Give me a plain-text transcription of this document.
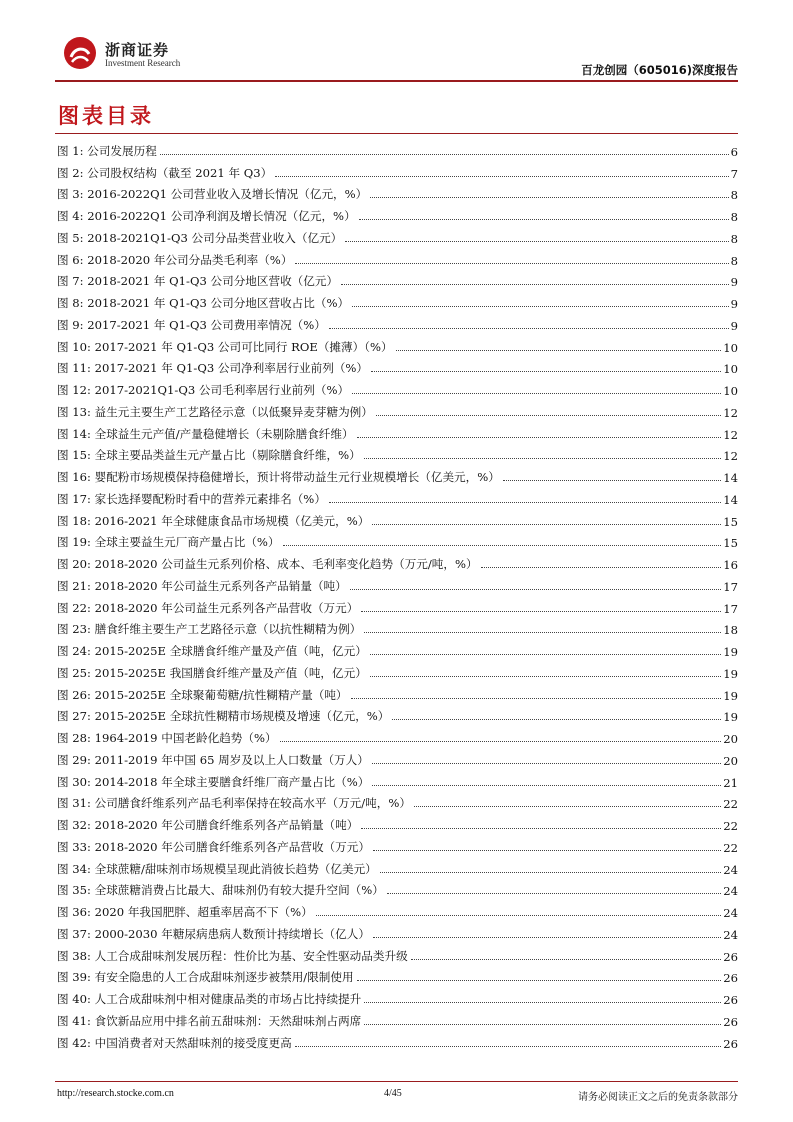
浙商证券
Investment Research	百龙创园（605016)深度报告
图表目录
图 1: 公司发展历程	6
图 2: 公司股权结构（截至 2021 年 Q3）	7
图 3: 2016-2022Q1 公司营业收入及增长情况（亿元，%）	8
图 4: 2016-2022Q1 公司净利润及增长情况（亿元，%）	8
图 5: 2018-2021Q1-Q3 公司分品类营业收入（亿元）	8
图 6: 2018-2020 年公司分品类毛利率（%）	8
图 7: 2018-2021 年 Q1-Q3 公司分地区营收（亿元）	9
图 8: 2018-2021 年 Q1-Q3 公司分地区营收占比（%）	9
图 9: 2017-2021 年 Q1-Q3 公司费用率情况（%）	9
图 10: 2017-2021 年 Q1-Q3 公司可比同行 ROE（摊薄）（%）	10
图 11: 2017-2021 年 Q1-Q3 公司净利率居行业前列（%）	10
图 12: 2017-2021Q1-Q3 公司毛利率居行业前列（%）	10
图 13: 益生元主要生产工艺路径示意（以低聚异麦芽糖为例）	12
图 14: 全球益生元产值/产量稳健增长（未剔除膳食纤维）	12
图 15: 全球主要品类益生元产量占比（剔除膳食纤维，%）	12
图 16: 婴配粉市场规模保持稳健增长，预计将带动益生元行业规模增长（亿美元，%）	14
图 17: 家长选择婴配粉时看中的营养元素排名（%）	14
图 18: 2016-2021 年全球健康食品市场规模（亿美元，%）	15
图 19: 全球主要益生元厂商产量占比（%）	15
图 20: 2018-2020 公司益生元系列价格、成本、毛利率变化趋势（万元/吨，%）	16
图 21: 2018-2020 年公司益生元系列各产品销量（吨）	17
图 22: 2018-2020 年公司益生元系列各产品营收（万元）	17
图 23: 膳食纤维主要生产工艺路径示意（以抗性糊精为例）	18
图 24: 2015-2025E 全球膳食纤维产量及产值（吨，亿元）	19
图 25: 2015-2025E 我国膳食纤维产量及产值（吨，亿元）	19
图 26: 2015-2025E 全球聚葡萄糖/抗性糊精产量（吨）	19
图 27: 2015-2025E 全球抗性糊精市场规模及增速（亿元，%）	19
图 28: 1964-2019 中国老龄化趋势（%）	20
图 29: 2011-2019 年中国 65 周岁及以上人口数量（万人）	20
图 30: 2014-2018 年全球主要膳食纤维厂商产量占比（%）	21
图 31: 公司膳食纤维系列产品毛利率保持在较高水平（万元/吨，%）	22
图 32: 2018-2020 年公司膳食纤维系列各产品销量（吨）	22
图 33: 2018-2020 年公司膳食纤维系列各产品营收（万元）	22
图 34: 全球蔗糖/甜味剂市场规模呈现此消彼长趋势（亿美元）	24
图 35: 全球蔗糖消费占比最大、甜味剂仍有较大提升空间（%）	24
图 36: 2020 年我国肥胖、超重率居高不下（%）	24
图 37: 2000-2030 年糖尿病患病人数预计持续增长（亿人）	24
图 38: 人工合成甜味剂发展历程：性价比为基、安全性驱动品类升级	26
图 39: 有安全隐患的人工合成甜味剂逐步被禁用/限制使用	26
图 40: 人工合成甜味剂中相对健康品类的市场占比持续提升	26
图 41: 食饮新品应用中排名前五甜味剂：天然甜味剂占两席	26
图 42: 中国消费者对天然甜味剂的接受度更高	26
http://research.stocke.com.cn	4/45	请务必阅读正文之后的免责条款部分
